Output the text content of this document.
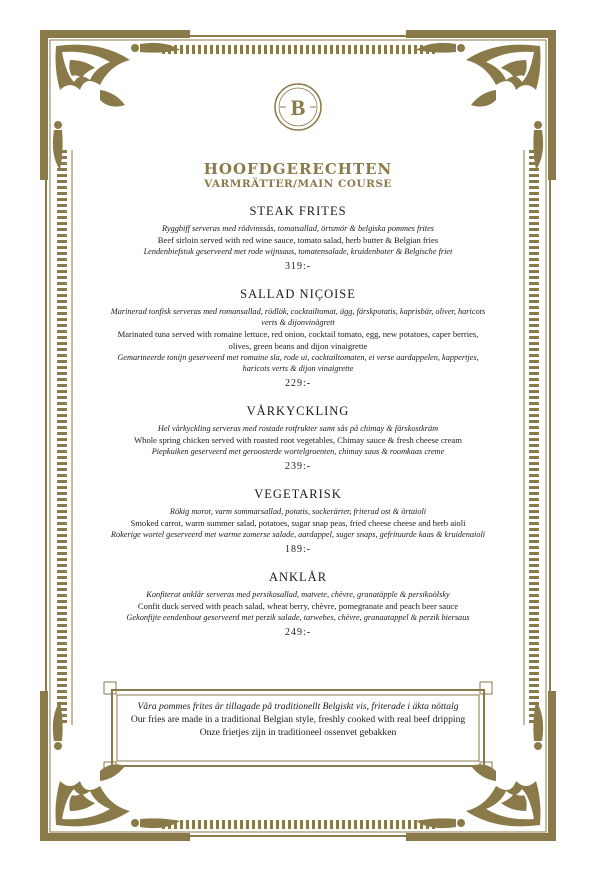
B
HOOFDGERECHTEN
VARMRÄTTER/MAIN COURSE
STEAK FRITES

Ryggbiff serveras med rödvinssås, tomatsallad, örtsmör & belgiska pommes frites

Beef sirloin served with red wine sauce, tomato salad, herb butter & Belgian fries

Lendenbiefstuk geserveerd met rode wijnsaus, tomatensalade, kruidenboter & Belgische friet

319:-
SALLAD NIÇOISE

Marinerad tonfisk serveras med romansallad, rödlök, cocktailtomat, ägg, färskpotatis, kaprisbär, oliver, haricots verts & dijonvinägrett

Marinated tuna served with romaine lettuce, red onion, cocktail tomato, egg, new potatoes, caper berries, olives, green beans and dijon vinaigrette

Gemarineerde tonijn geserveerd met romaine sla, rode ui, cocktailtomaten, ei verse aardappelen, kappertjes, haricots verts & dijon vinaigrette

229:-
VÅRKYCKLING

Hel vårkyckling serveras med rostade rotfrukter samt sås på chimay & färskostkräm

Whole spring chicken served with roasted root vegetables, Chimay sauce & fresh cheese cream

Piepkuiken geserveerd met geroosterde wortelgroenten, chimay saus & roomkaas creme

239:-
VEGETARISK

Rökig morot, varm sommarsallad, potatis, sockerärter, friterad ost & örtaioli

Smoked carrot, warm summer salad, potatoes, sugar snap peas, fried cheese cheese and herb aioli

Rokerige wortel geserveerd met warme zomerse salade, aardappel, suger snaps, gefrituurde kaas & kruidenaioli

189:-
ANKLÅR

Konfiterat anklår serveras med persikosallad, matvete, chèvre, granatäpple & persikoölsky

Confit duck served with peach salad, wheat berry, chèvre, pomegranate and peach beer sauce

Gekonfijte eendenbout geserveerd met perzik salade, tarwebes, chèvre, granaatappel & perzik biersaus

249:-

Våra pommes frites är tillagade på traditionellt Belgiskt vis, friterade i äkta nöttalg

Our fries are made in a traditional Belgian style, freshly cooked with real beef dripping

Onze frietjes zijn in traditioneel ossenvet gebakken
